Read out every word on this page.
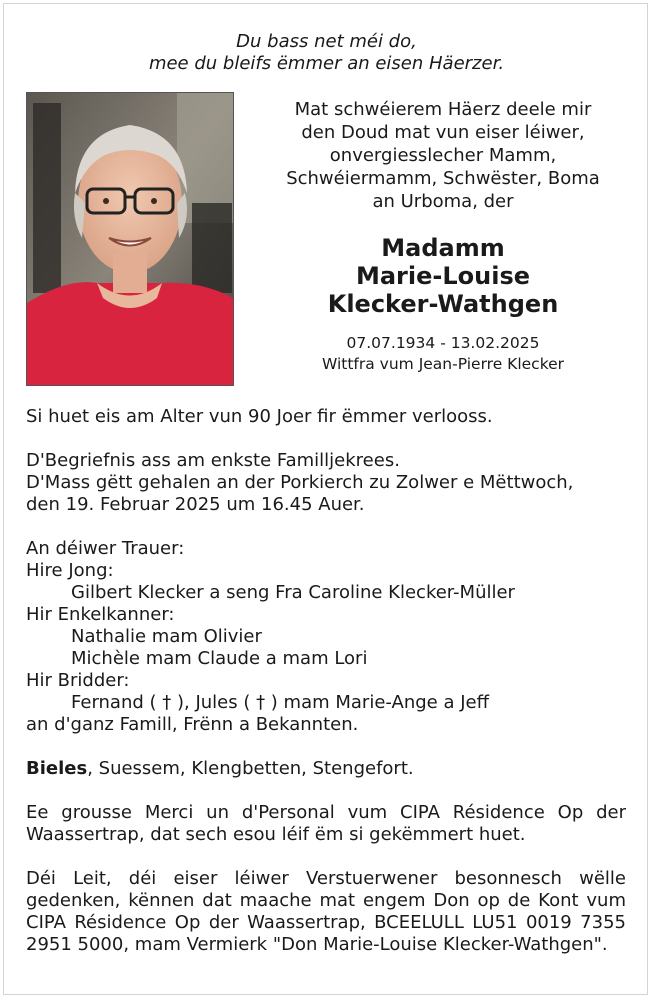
Du bass net méi do,
mee du bleifs ëmmer an eisen Häerzer.
Mat schwéierem Häerz deele mir
den Doud mat vun eiser léiwer,
onvergiesslecher Mamm,
Schwéiermamm, Schwëster, Boma
an Urboma, der
Madamm
Marie-Louise
Klecker-Wathgen
07.07.1934 - 13.02.2025
Wittfra vum Jean-Pierre Klecker

Si huet eis am Alter vun 90 Joer fir ëmmer verlooss.

D'Begriefnis ass am enkste Familljekrees.

D'Mass gëtt gehalen an der Porkierch zu Zolwer e Mëttwoch,

den 19. Februar 2025 um 16.45 Auer.

An déiwer Trauer:

Hire Jong:

Gilbert Klecker a seng Fra Caroline Klecker-Müller

Hir Enkelkanner:

Nathalie mam Olivier

Michèle mam Claude a mam Lori

Hir Bridder:

Fernand ( † ), Jules ( † ) mam Marie-Ange a Jeff

an d'ganz Famill, Frënn a Bekannten.

Bieles, Suessem, Klengbetten, Stengefort.

Ee grousse Merci un d'Personal vum CIPA Résidence Op der Waassertrap, dat sech esou léif ëm si gekëmmert huet.

Déi Leit, déi eiser léiwer Verstuerwener besonnesch wëlle gedenken, kënnen dat maache mat engem Don op de Kont vum CIPA Résidence Op der Waassertrap, BCEELULL LU51 0019 7355 2951 5000, mam Vermierk "Don Marie-Louise Klecker-Wathgen".
